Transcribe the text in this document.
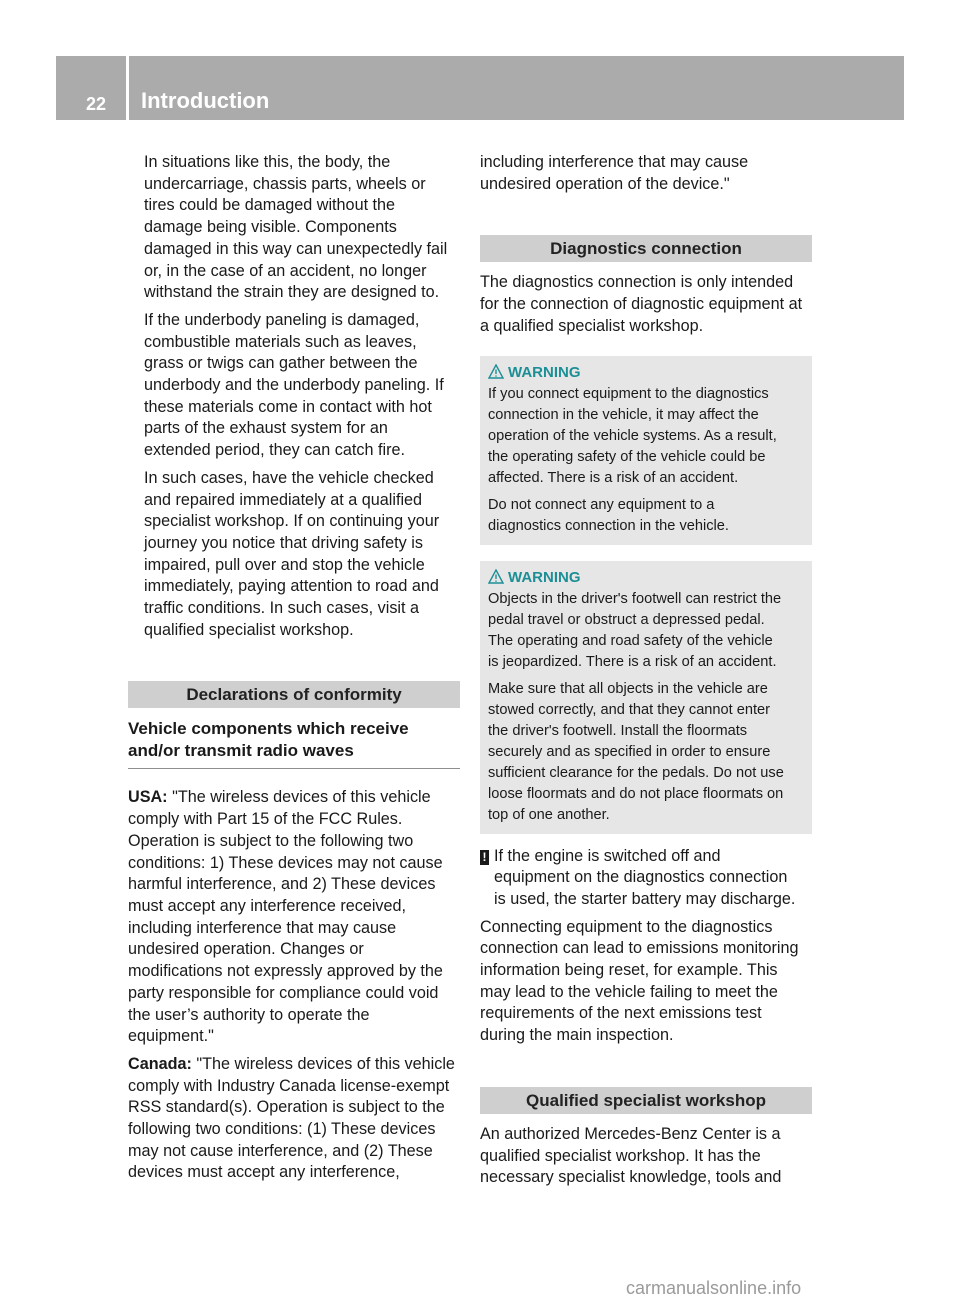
22 Introduction

In situations like this, the body, the
undercarriage, chassis parts, wheels or
tires could be damaged without the
damage being visible. Components
damaged in this way can unexpectedly fail
or, in the case of an accident, no longer
withstand the strain they are designed to.

If the underbody paneling is damaged,
combustible materials such as leaves,
grass or twigs can gather between the
underbody and the underbody paneling. If
these materials come in contact with hot
parts of the exhaust system for an
extended period, they can catch fire.

In such cases, have the vehicle checked
and repaired immediately at a qualified
specialist workshop. If on continuing your
journey you notice that driving safety is
impaired, pull over and stop the vehicle
immediately, paying attention to road and
traffic conditions. In such cases, visit a
qualified specialist workshop.

Declarations of conformity
Vehicle components which receive
and/or transmit radio waves

USA: "The wireless devices of this vehicle
comply with Part 15 of the FCC Rules.
Operation is subject to the following two
conditions: 1) These devices may not cause
harmful interference, and 2) These devices
must accept any interference received,
including interference that may cause
undesired operation. Changes or
modifications not expressly approved by the
party responsible for compliance could void
the user’s authority to operate the
equipment."

Canada: "The wireless devices of this vehicle
comply with Industry Canada license-exempt
RSS standard(s). Operation is subject to the
following two conditions: (1) These devices
may not cause interference, and (2) These
devices must accept any interference,

including interference that may cause
undesired operation of the device."

Diagnostics connection

The diagnostics connection is only intended
for the connection of diagnostic equipment at
a qualified specialist workshop.

WARNING

If you connect equipment to the diagnostics
connection in the vehicle, it may affect the
operation of the vehicle systems. As a result,
the operating safety of the vehicle could be
affected. There is a risk of an accident.

Do not connect any equipment to a
diagnostics connection in the vehicle.

WARNING

Objects in the driver's footwell can restrict the
pedal travel or obstruct a depressed pedal.
The operating and road safety of the vehicle
is jeopardized. There is a risk of an accident.

Make sure that all objects in the vehicle are
stowed correctly, and that they cannot enter
the driver's footwell. Install the floormats
securely and as specified in order to ensure
sufficient clearance for the pedals. Do not use
loose floormats and do not place floormats on
top of one another.

! If the engine is switched off and
equipment on the diagnostics connection
is used, the starter battery may discharge.

Connecting equipment to the diagnostics
connection can lead to emissions monitoring
information being reset, for example. This
may lead to the vehicle failing to meet the
requirements of the next emissions test
during the main inspection.

Qualified specialist workshop

An authorized Mercedes-Benz Center is a
qualified specialist workshop. It has the
necessary specialist knowledge, tools and

carmanualsonline.info
